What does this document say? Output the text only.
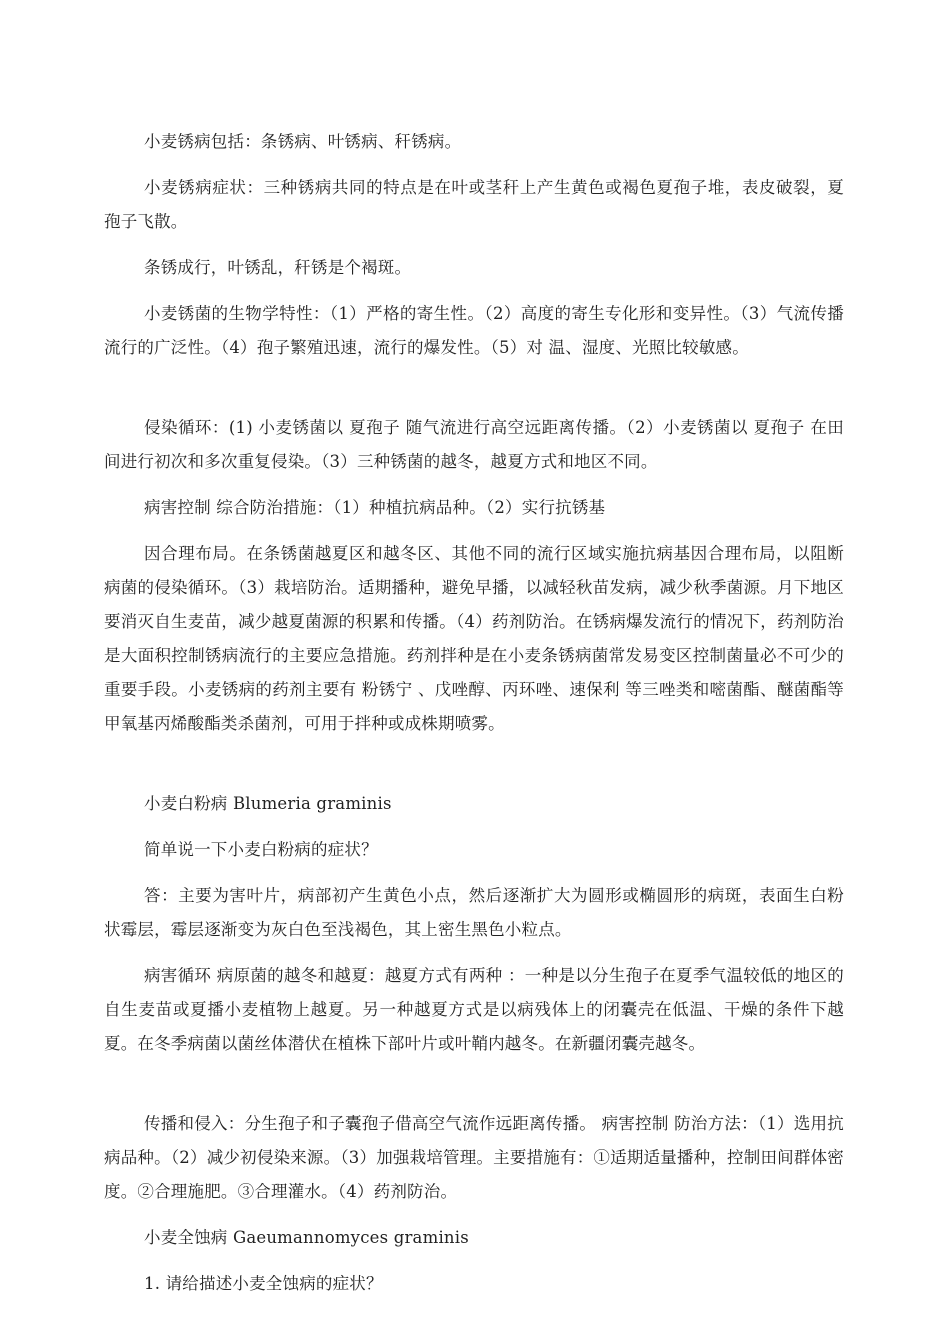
小麦锈病包括：条锈病、叶锈病、秆锈病。

小麦锈病症状：三种锈病共同的特点是在叶或茎秆上产生黄色或褐色夏孢子堆，表皮破裂，夏孢子飞散。

条锈成行，叶锈乱，秆锈是个褐斑。

小麦锈菌的生物学特性：（1）严格的寄生性。（2）高度的寄生专化形和变异性。（3）气流传播流行的广泛性。（4）孢子繁殖迅速，流行的爆发性。（5）对 温、湿度、光照比较敏感。

侵染循环：(1) 小麦锈菌以 夏孢子 随气流进行高空远距离传播。（2）小麦锈菌以 夏孢子 在田间进行初次和多次重复侵染。（3）三种锈菌的越冬，越夏方式和地区不同。

病害控制 综合防治措施：（1）种植抗病品种。（2）实行抗锈基

因合理布局。在条锈菌越夏区和越冬区、其他不同的流行区域实施抗病基因合理布局，以阻断病菌的侵染循环。（3）栽培防治。适期播种，避免早播，以减轻秋苗发病，减少秋季菌源。月下地区要消灭自生麦苗，减少越夏菌源的积累和传播。（4）药剂防治。在锈病爆发流行的情况下，药剂防治是大面积控制锈病流行的主要应急措施。药剂拌种是在小麦条锈病菌常发易变区控制菌量必不可少的重要手段。小麦锈病的药剂主要有 粉锈宁 、戊唑醇、丙环唑、速保利 等三唑类和嘧菌酯、醚菌酯等甲氧基丙烯酸酯类杀菌剂，可用于拌种或成株期喷雾。

小麦白粉病 Blumeria graminis

简单说一下小麦白粉病的症状？

答：主要为害叶片，病部初产生黄色小点，然后逐渐扩大为圆形或椭圆形的病斑，表面生白粉状霉层，霉层逐渐变为灰白色至浅褐色，其上密生黑色小粒点。

病害循环 病原菌的越冬和越夏：越夏方式有两种 ：一种是以分生孢子在夏季气温较低的地区的自生麦苗或夏播小麦植物上越夏。另一种越夏方式是以病残体上的闭囊壳在低温、干燥的条件下越夏。在冬季病菌以菌丝体潜伏在植株下部叶片或叶鞘内越冬。在新疆闭囊壳越冬。

传播和侵入：分生孢子和子囊孢子借高空气流作远距离传播。 病害控制 防治方法：（1）选用抗病品种。（2）减少初侵染来源。（3）加强栽培管理。主要措施有：①适期适量播种，控制田间群体密度。②合理施肥。③合理灌水。（4）药剂防治。

小麦全蚀病 Gaeumannomyces graminis

1. 请给描述小麦全蚀病的症状？
